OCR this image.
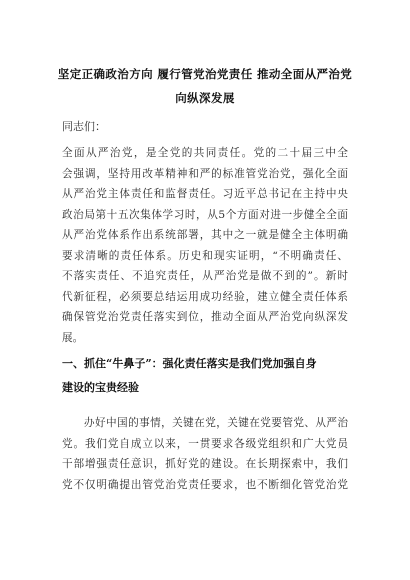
坚定正确政治方向 履行管党治党责任 推动全面从严治党
向纵深发展
同志们：
全面从严治党，是全党的共同责任。党的二十届三中全
会强调，坚持用改革精神和严的标准管党治党，强化全面
从严治党主体责任和监督责任。习近平总书记在主持中央
政治局第十五次集体学习时，从5个方面对进一步健全全面
从严治党体系作出系统部署，其中之一就是健全主体明确
要求清晰的责任体系。历史和现实证明，“不明确责任、
不落实责任、不追究责任，从严治党是做不到的”。新时
代新征程，必须要总结运用成功经验，建立健全责任体系
确保管党治党责任落实到位，推动全面从严治党向纵深发
展。
一、抓住“牛鼻子”：强化责任落实是我们党加强自身
建设的宝贵经验
办好中国的事情，关键在党，关键在党要管党、从严治
党。我们党自成立以来，一贯要求各级党组织和广大党员
干部增强责任意识，抓好党的建设。在长期探索中，我们
党不仅明确提出管党治党责任要求，也不断细化管党治党
